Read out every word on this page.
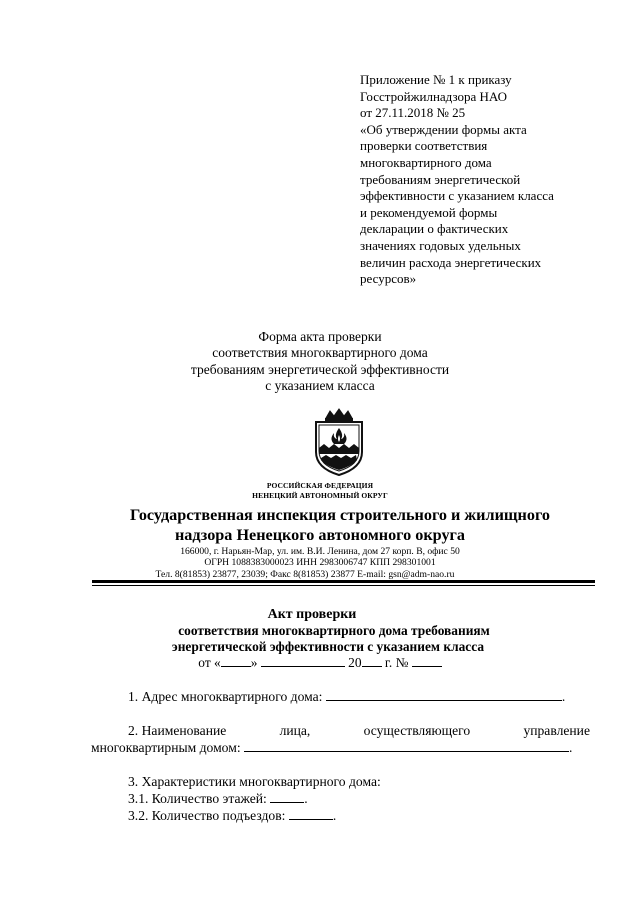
Приложение № 1 к приказу
Госстройжилнадзора НАО
от 27.11.2018 № 25
«Об утверждении формы акта
проверки соответствия
многоквартирного дома
требованиям энергетической
эффективности с указанием класса
и рекомендуемой формы
декларации о фактических
значениях годовых удельных
величин расхода энергетических
ресурсов»
Форма акта проверки
соответствия многоквартирного дома
требованиям энергетической эффективности
с указанием класса
РОССИЙСКАЯ ФЕДЕРАЦИЯ
НЕНЕЦКИЙ АВТОНОМНЫЙ ОКРУГ
Государственная инспекция строительного и жилищного
надзора Ненецкого автономного округа
166000, г. Нарьян-Мар, ул. им. В.И. Ленина, дом 27 корп. В, офис 50
ОГРН 1088383000023 ИНН 2983006747 КПП 298301001
Тел. 8(81853) 23877, 23039; Факс 8(81853) 23877 E-mail: gsn@adm-nao.ru
Акт проверки
соответствия многоквартирного дома требованиям
энергетической эффективности с указанием класса
от « »	20 г. №
1. Адрес многоквартирного дома:	.
2. Наименование	лица,	осуществляющего	управление
многоквартирным домом:	.
3. Характеристики многоквартирного дома:
3.1. Количество этажей:	.
3.2. Количество подъездов:	.
